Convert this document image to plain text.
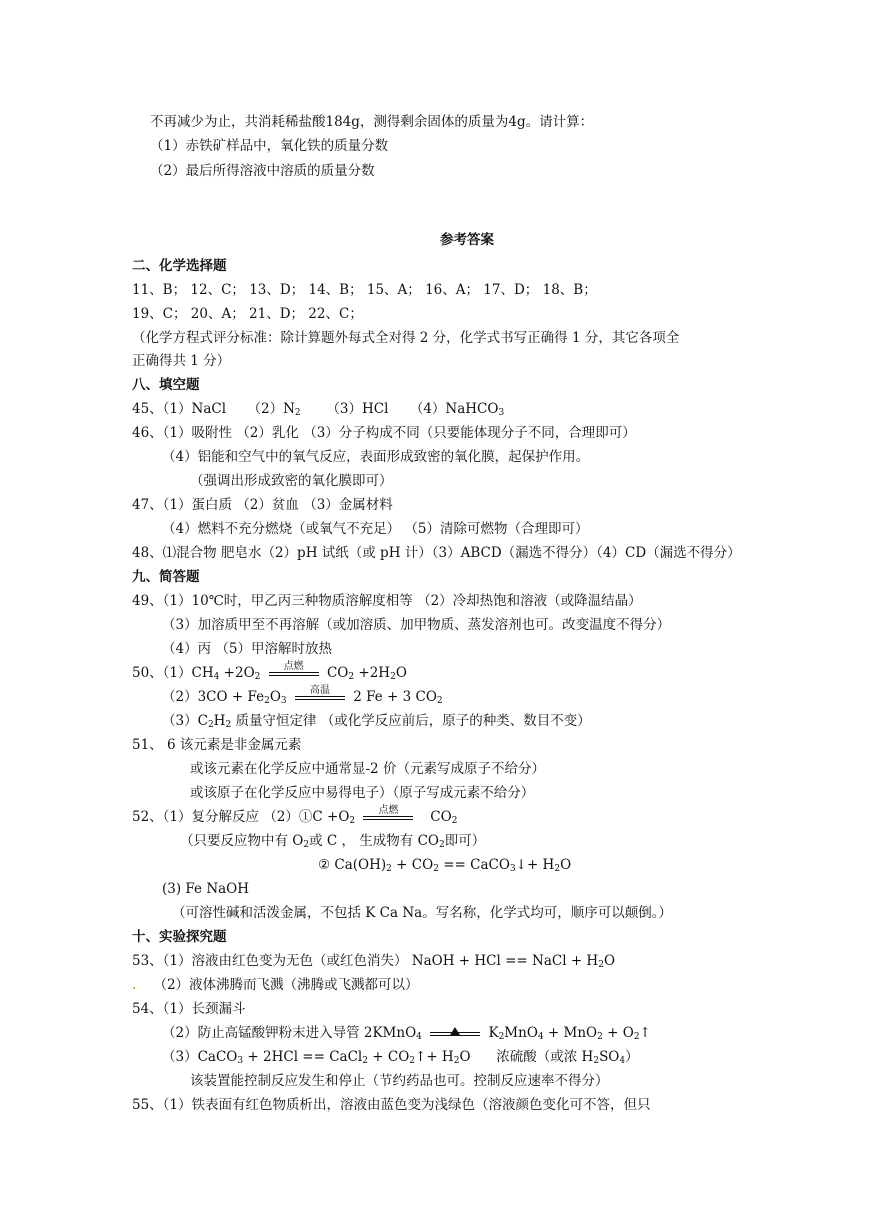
不再减少为止，共消耗稀盐酸184g，测得剩余固体的质量为4g。请计算：
（1）赤铁矿样品中，氧化铁的质量分数
（2）最后所得溶液中溶质的质量分数
参考答案
二、化学选择题
11、B； 12、C； 13、D； 14、B； 15、A； 16、A； 17、D； 18、B；
19、C； 20、A； 21、D； 22、C；
（化学方程式评分标准：除计算题外每式全对得 2 分，化学式书写正确得 1 分，其它各项全
正确得共 1 分）
八、填空题
45、（1）NaCl     $(2)N_2$      （3）HCl     （4）NaHCO$_3$
46、（1）吸附性 （2）乳化 （3）分子构成不同（只要能体现分子不同，合理即可）
（4）铝能和空气中的氧气反应，表面形成致密的氧化膜，起保护作用。
（强调出形成致密的氧化膜即可）
47、（1）蛋白质 （2）贫血 （3）金属材料
（4）燃料不充分燃烧（或氧气不充足） （5）清除可燃物（合理即可）
48、⑴混合物 肥皂水（2）pH 试纸（或 pH 计）（3）ABCD（漏选不得分）（4）CD（漏选不得分）
九、简答题
49、（1）10℃时，甲乙丙三种物质溶解度相等 （2）冷却热饱和溶液（或降温结晶）
（3）加溶质甲至不再溶解（或加溶质、加甲物质、蒸发溶剂也可。改变温度不得分）
（4）丙 （5）甲溶解时放热
50、$(1)CH_4 +2O_2$
点燃	$CO_2 +2H_2O$
$(2)3CO + Fe_2O_3$
高温	2 Fe + 3 $CO_2$
$(3)C_2H_2$ 质量守恒定律 （或化学反应前后，原子的种类、数目不变）
51、 6 该元素是非金属元素
或该元素在化学反应中通常显-2 价（元素写成原子不给分）
或该原子在化学反应中易得电子）（原子写成元素不给分）
52、（1）复分解反应 （2）①C $+O_2$
点燃	$CO_2$
（只要反应物中有 $O_2$或 C ， 生成物有 $CO_2$即可）
② $Ca(OH)_2 + CO_2$ == CaCO$_3$↓+ $H_2O$
(3) Fe NaOH
（可溶性碱和活泼金属，不包括 K Ca Na。写名称，化学式均可，顺序可以颠倒。）
十、实验探究题
53、（1）溶液由红色变为无色（或红色消失） NaOH + HCl == NaCl + $H_2O$
. （2）液体沸腾而飞溅（沸腾或飞溅都可以）
54、（1）长颈漏斗
（2）防止高锰酸钾粉末进入导管 2KMnO$_4$	$K_2MnO_4 + MnO_2$ + $O_2↑$
（3）CaCO$_3$ + 2HCl == CaCl$_2$ + $CO_2↑+ H_2O$      浓硫酸（或浓 $H_2SO_4$）
该装置能控制反应发生和停止（节约药品也可。控制反应速率不得分）
55、（1）铁表面有红色物质析出，溶液由蓝色变为浅绿色（溶液颜色变化可不答，但只
